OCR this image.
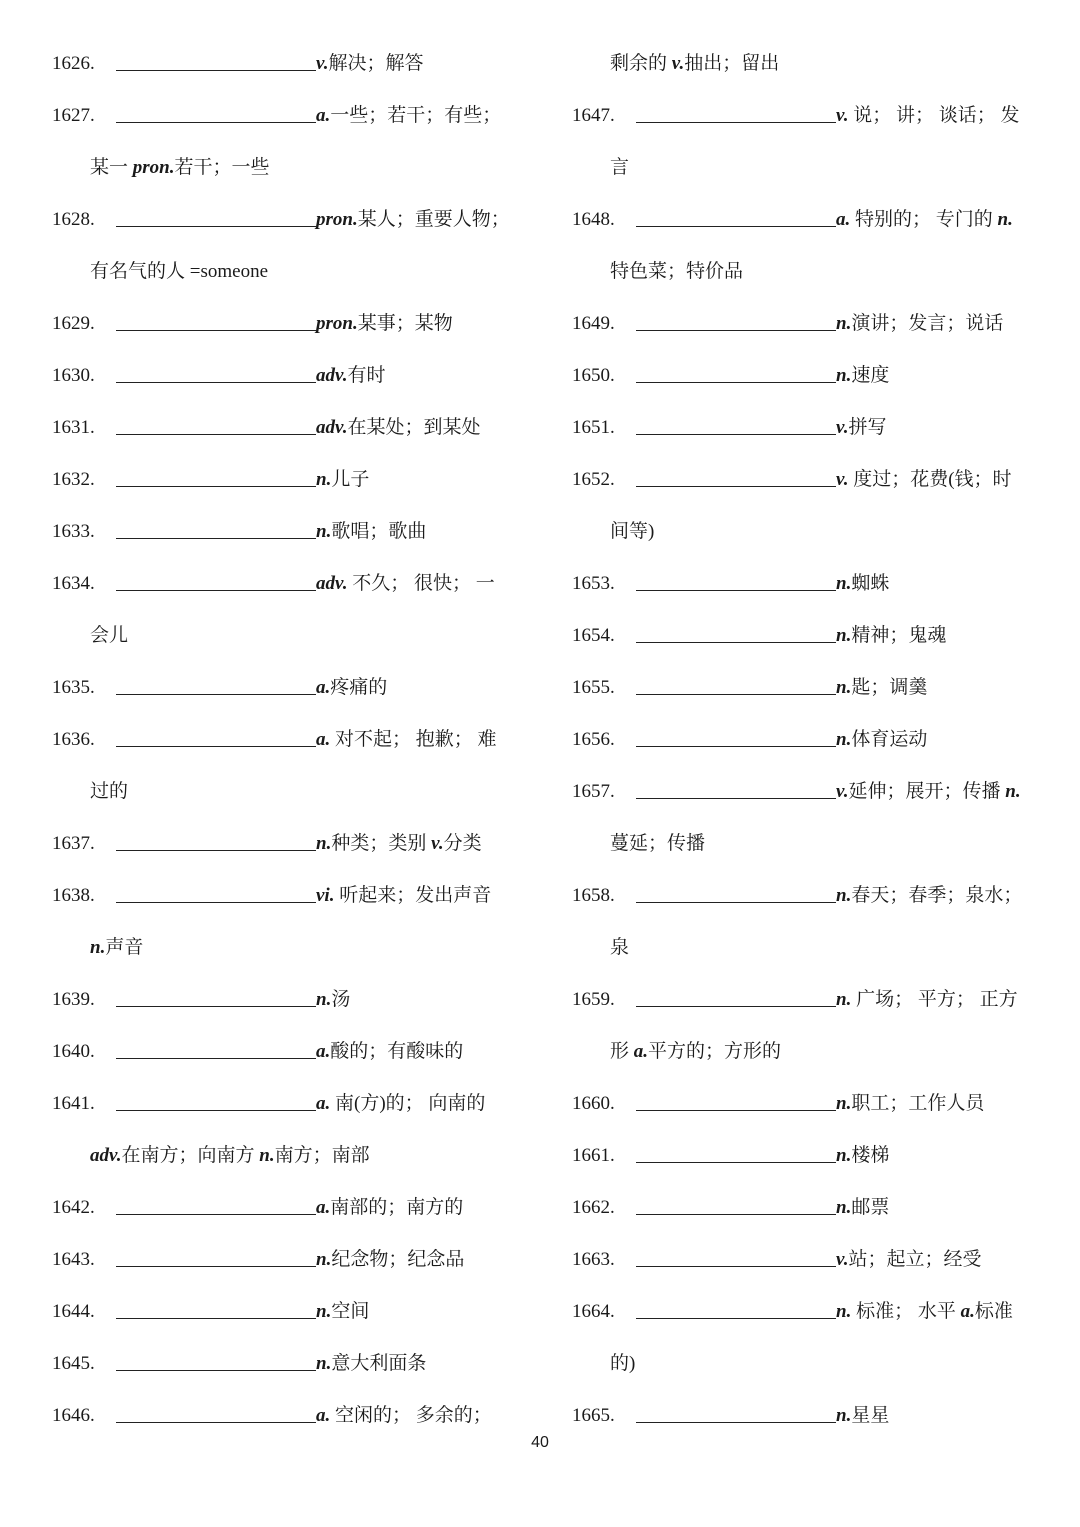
1626.	v.解决；解答
1627.	a.一些；若干；有些；
某一 pron.若干；一些
1628.	pron.某人；重要人物；
有名气的人 =someone
1629.	pron.某事；某物
1630.	adv.有时
1631.	adv.在某处；到某处
1632.	n.儿子
1633.	n.歌唱；歌曲
1634.	adv. 不久； 很快； 一
会儿
1635.	a.疼痛的
1636.	a. 对不起； 抱歉； 难
过的
1637.	n.种类；类别 v.分类
1638.	vi. 听起来；发出声音
n.声音
1639.	n.汤
1640.	a.酸的；有酸味的
1641.	a. 南(方)的； 向南的
adv.在南方；向南方 n.南方；南部
1642.	a.南部的；南方的
1643.	n.纪念物；纪念品
1644.	n.空间
1645.	n.意大利面条
1646.	a. 空闲的； 多余的；
剩余的 v.抽出；留出
1647.	v. 说； 讲； 谈话； 发
言
1648.	a. 特别的； 专门的 n.
特色菜；特价品
1649.	n.演讲；发言；说话
1650.	n.速度
1651.	v.拼写
1652.	v. 度过；花费(钱；时
间等)
1653.	n.蜘蛛
1654.	n.精神；鬼魂
1655.	n.匙；调羹
1656.	n.体育运动
1657.	v.延伸；展开；传播 n.
蔓延；传播
1658.	n.春天；春季；泉水；
泉
1659.	n. 广场； 平方； 正方
形 a.平方的；方形的
1660.	n.职工；工作人员
1661.	n.楼梯
1662.	n.邮票
1663.	v.站；起立；经受
1664.	n. 标准； 水平 a.标准
的)
1665.	n.星星
40
